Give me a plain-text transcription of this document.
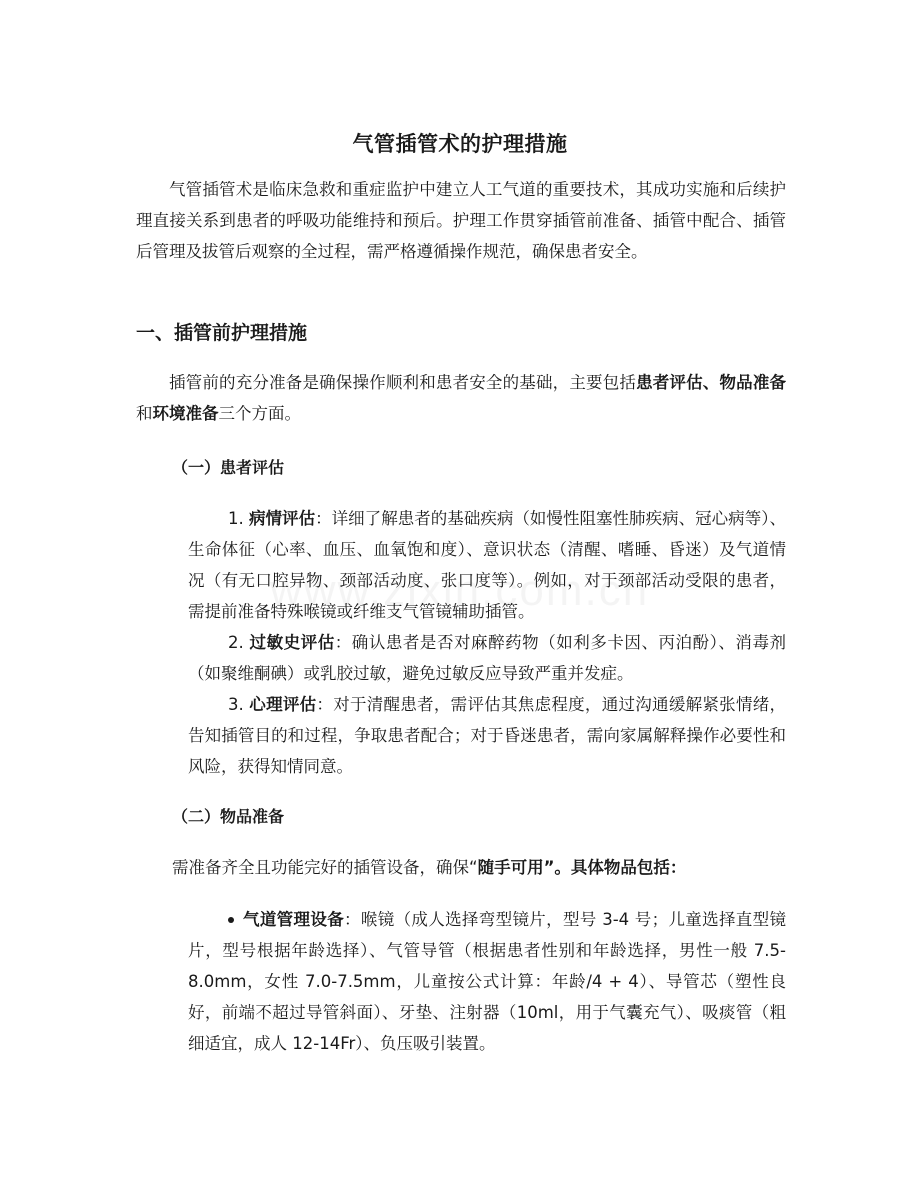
气管插管术的护理措施

气管插管术是临床急救和重症监护中建立人工气道的重要技术，其成功实施和后续护理直接关系到患者的呼吸功能维持和预后。护理工作贯穿插管前准备、插管中配合、插管后管理及拔管后观察的全过程，需严格遵循操作规范，确保患者安全。

一、插管前护理措施

插管前的充分准备是确保操作顺利和患者安全的基础，主要包括患者评估、物品准备和环境准备三个方面。

（一）患者评估

1. 病情评估：详细了解患者的基础疾病（如慢性阻塞性肺疾病、冠心病等）、生命体征（心率、血压、血氧饱和度）、意识状态（清醒、嗜睡、昏迷）及气道情况（有无口腔异物、颈部活动度、张口度等）。例如，对于颈部活动受限的患者，需提前准备特殊喉镜或纤维支气管镜辅助插管。

2. 过敏史评估：确认患者是否对麻醉药物（如利多卡因、丙泊酚）、消毒剂（如聚维酮碘）或乳胶过敏，避免过敏反应导致严重并发症。

3. 心理评估：对于清醒患者，需评估其焦虑程度，通过沟通缓解紧张情绪，告知插管目的和过程，争取患者配合；对于昏迷患者，需向家属解释操作必要性和风险，获得知情同意。

（二）物品准备

需准备齐全且功能完好的插管设备，确保“随手可用”。具体物品包括：

气道管理设备：喉镜（成人选择弯型镜片，型号 3-4 号；儿童选择直型镜片，型号根据年龄选择）、气管导管（根据患者性别和年龄选择，男性一般 7.5-8.0mm，女性 7.0-7.5mm，儿童按公式计算：年龄/4 + 4）、导管芯（塑性良好，前端不超过导管斜面）、牙垫、注射器（10ml，用于气囊充气）、吸痰管（粗细适宜，成人 12-14Fr）、负压吸引装置。
